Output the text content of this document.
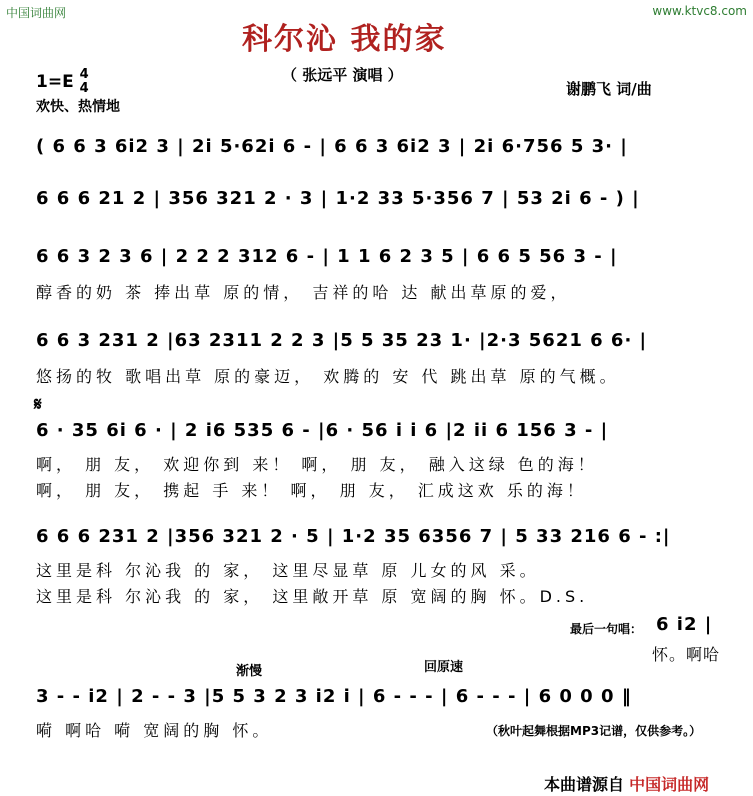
中国词曲网	www.ktvc8.com
科尔沁 我的家
（ 张远平 演唱 ）
1=E 4
4
欢快、热情地
谢鹏飞 词/曲
( 6 6 3 6i2 3 | 2i 5·62i 6 - | 6 6 3 6i2 3 | 2i 6·756 5 3· |
6 6 6 21 2 | 356 321 2 · 3 | 1·2 33 5·356 7 | 53 2i 6 - ) |
6 6 3 2 3 6 | 2 2 2 312 6 - | 1 1 6 2 3 5 | 6 6 5 56 3 - |
醇香的奶 茶 捧出草 原的情， 吉祥的哈 达 献出草原的爱，
6 6 3 231 2 |63 2311 2 2 3 |5 5 35 23 1· |2·3 5621 6 6· |
悠扬的牧 歌唱出草 原的豪迈， 欢腾的 安 代 跳出草 原的气概。
𝄋
6 · 35 6i 6 · | 2 i6 535 6 - |6 · 56 i i 6 |2 ii 6 156 3 - |
啊， 朋 友， 欢迎你到 来！ 啊， 朋 友， 融入这绿 色的海！
啊， 朋 友， 携起 手 来！ 啊， 朋 友， 汇成这欢 乐的海！
6 6 6 231 2 |356 321 2 · 5 | 1·2 35 6356 7 | 5 33 216 6 - :|
这里是科 尔沁我 的 家， 这里尽显草 原 儿女的风 采。
这里是科 尔沁我 的 家， 这里敞开草 原 宽阔的胸 怀。D.S.
最后一句唱： 6 i2 |
怀。啊哈
渐慢	回原速
3 - - i2 | 2 - - 3 |5 5 3 2 3 i2 i | 6 - - - | 6 - - - | 6 0 0 0 ‖
嗬 啊哈 嗬 宽阔的胸 怀。	（秋叶起舞根据MP3记谱，仅供参考。）
本曲谱源自 中国词曲网
